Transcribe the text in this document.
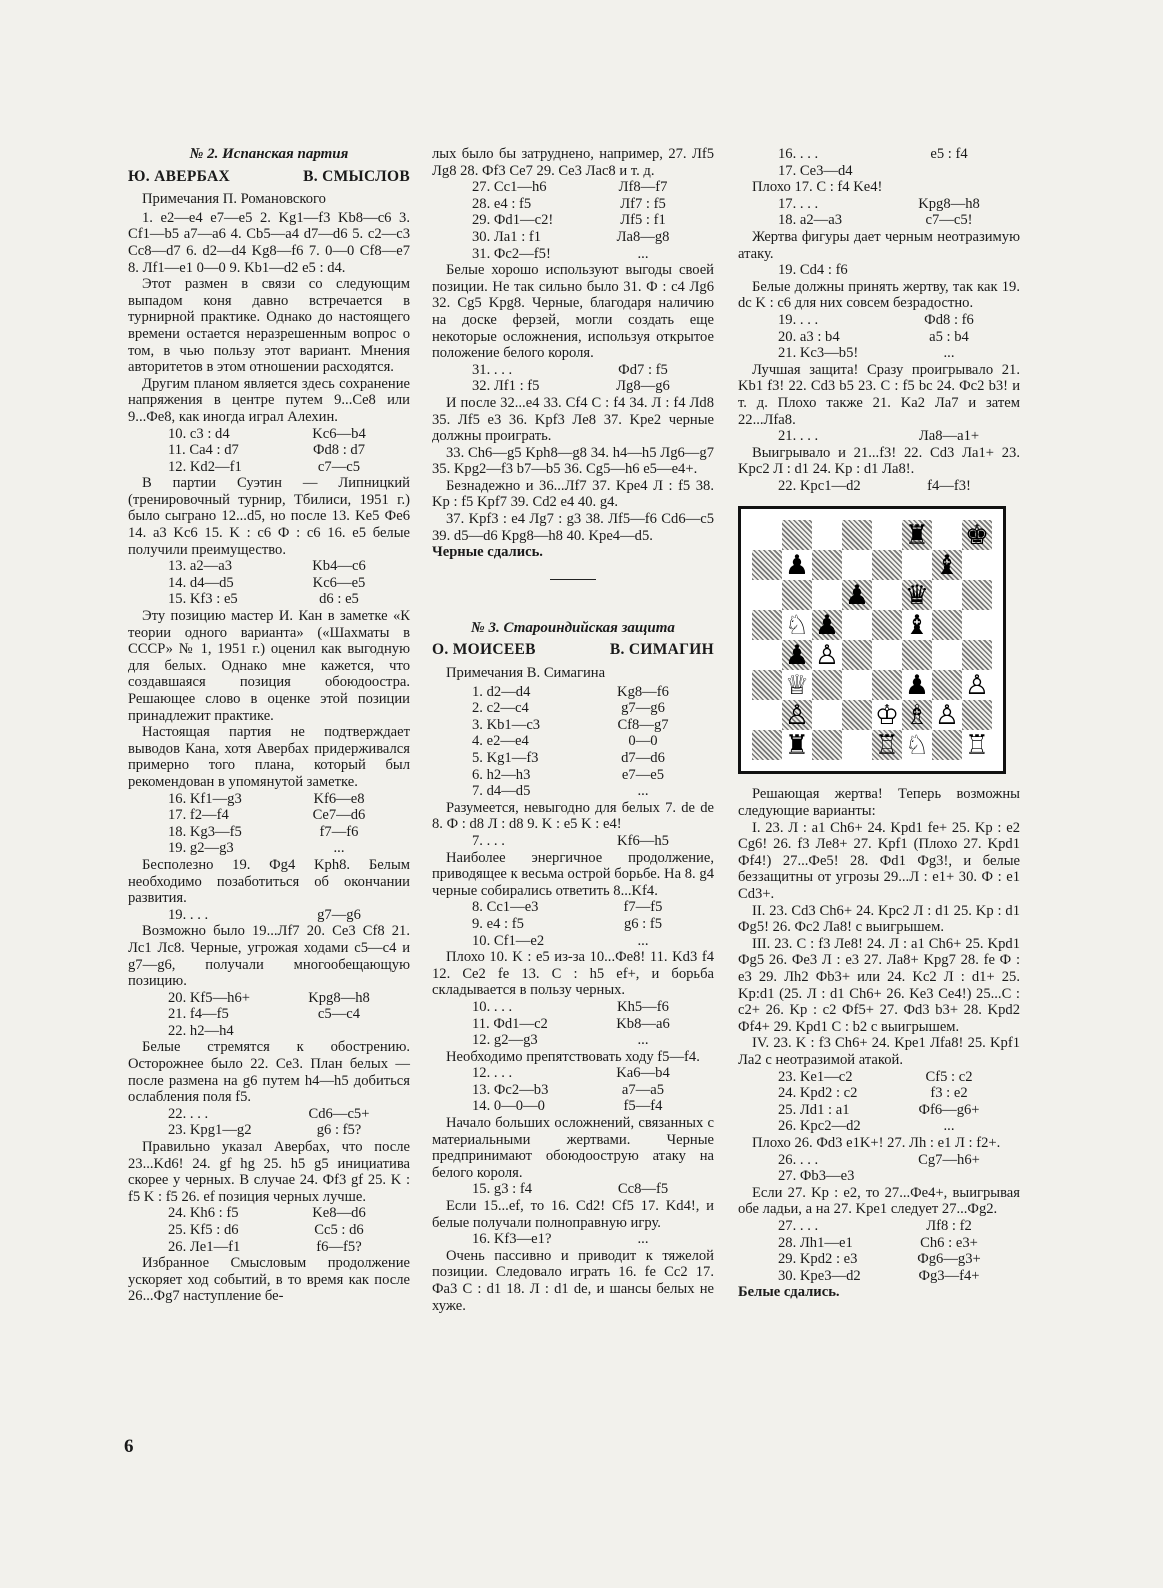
№ 2. Испанская партия

Ю. АВЕРБАХ	В. СМЫСЛОВ

Примечания П. Романовского

1. e2—e4 e7—e5 2. Kg1—f3 Kb8—c6 3. Cf1—b5 a7—a6 4. Cb5—a4 d7—d6 5. c2—c3 Cc8—d7 6. d2—d4 Kg8—f6 7. 0—0 Cf8—e7 8. Лf1—e1 0—0 9. Kb1—d2 e5 : d4.

Этот размен в связи со следующим выпадом коня давно встречается в турнирной практике. Однако до настоящего времени остается неразрешенным вопрос о том, в чью пользу этот вариант. Мнения авторитетов в этом отношении расходятся.

Другим планом является здесь сохранение напряжения в центре путем 9...Ce8 или 9...Фe8, как иногда играл Алехин.

10. c3 : d4	Kc6—b4
11. Ca4 : d7	Фd8 : d7
12. Kd2—f1	c7—c5

В партии Суэтин — Липницкий (тренировочный турнир, Тбилиси, 1951 г.) было сыграно 12...d5, но после 13. Ke5 Фe6 14. a3 Kc6 15. K : c6 Ф : c6 16. e5 белые получили преимущество.

13. a2—a3	Kb4—c6
14. d4—d5	Kc6—e5
15. Kf3 : e5	d6 : e5

Эту позицию мастер И. Кан в заметке «К теории одного варианта» («Шахматы в СССР» № 1, 1951 г.) оценил как выгодную для белых. Однако мне кажется, что создавшаяся позиция обоюдоостра. Решающее слово в оценке этой позиции принадлежит практике.

Настоящая партия не подтверждает выводов Кана, хотя Авербах придерживался примерно того плана, который был рекомендован в упомянутой заметке.

16. Kf1—g3	Kf6—e8
17. f2—f4	Ce7—d6
18. Kg3—f5	f7—f6
19. g2—g3	...

Бесполезно 19. Фg4 Kph8. Белым необходимо позаботиться об окончании развития.

19. . . .	g7—g6

Возможно было 19...Лf7 20. Ce3 Cf8 21. Лc1 Лc8. Черные, угрожая ходами c5—c4 и g7—g6, получали многообещающую позицию.

20. Kf5—h6+	Kpg8—h8
21. f4—f5	c5—c4
22. h2—h4

Белые стремятся к обострению. Осторожнее было 22. Ce3. План белых — после размена на g6 путем h4—h5 добиться ослабления поля f5.

22. . . .	Cd6—c5+
23. Kpg1—g2	g6 : f5?

Правильно указал Авербах, что после 23...Kd6! 24. gf hg 25. h5 g5 инициатива скорее у черных. В случае 24. Фf3 gf 25. K : f5 K : f5 26. ef позиция черных лучше.

24. Kh6 : f5	Ke8—d6
25. Kf5 : d6	Cc5 : d6
26. Лe1—f1	f6—f5?

Избранное Смысловым продолжение ускоряет ход событий, в то время как после 26...Фg7 наступление бе-

лых было бы затруднено, например, 27. Лf5 Лg8 28. Фf3 Ce7 29. Ce3 Лac8 и т. д.

27. Cc1—h6	Лf8—f7
28. e4 : f5	Лf7 : f5
29. Фd1—c2!	Лf5 : f1
30. Лa1 : f1	Лa8—g8
31. Фc2—f5!	...

Белые хорошо используют выгоды своей позиции. Не так сильно было 31. Ф : c4 Лg6 32. Cg5 Kpg8. Черные, благодаря наличию на доске ферзей, могли создать еще некоторые осложнения, используя открытое положение белого короля.

31. . . .	Фd7 : f5
32. Лf1 : f5	Лg8—g6

И после 32...e4 33. Cf4 C : f4 34. Л : f4 Лd8 35. Лf5 e3 36. Kpf3 Лe8 37. Kpe2 черные должны проиграть.

33. Ch6—g5 Kph8—g8 34. h4—h5 Лg6—g7 35. Kpg2—f3 b7—b5 36. Cg5—h6 e5—e4+.

Безнадежно и 36...Лf7 37. Kpe4 Л : f5 38. Kp : f5 Kpf7 39. Cd2 e4 40. g4.

37. Kpf3 : e4 Лg7 : g3 38. Лf5—f6 Cd6—c5 39. d5—d6 Kpg8—h8 40. Kpe4—d5.

Черные сдались.

№ 3. Староиндийская защита

О. МОИСЕЕВ	В. СИМАГИН

Примечания В. Симагина

1. d2—d4	Kg8—f6
2. c2—c4	g7—g6
3. Kb1—c3	Cf8—g7
4. e2—e4	0—0
5. Kg1—f3	d7—d6
6. h2—h3	e7—e5
7. d4—d5	...

Разумеется, невыгодно для белых 7. de de 8. Ф : d8 Л : d8 9. K : e5 K : e4!

7. . . .	Kf6—h5

Наиболее энергичное продолжение, приводящее к весьма острой борьбе. На 8. g4 черные собирались ответить 8...Kf4.

8. Cc1—e3	f7—f5
9. e4 : f5	g6 : f5
10. Cf1—e2	...

Плохо 10. K : e5 из-за 10...Фe8! 11. Kd3 f4 12. Ce2 fe 13. C : h5 ef+, и борьба складывается в пользу черных.

10. . . .	Kh5—f6
11. Фd1—c2	Kb8—a6
12. g2—g3	...

Необходимо препятствовать ходу f5—f4.

12. . . .	Ka6—b4
13. Фc2—b3	a7—a5
14. 0—0—0	f5—f4

Начало больших осложнений, связанных с материальными жертвами. Черные предпринимают обоюдоострую атаку на белого короля.

15. g3 : f4	Cc8—f5

Если 15...ef, то 16. Cd2! Cf5 17. Kd4!, и белые получали полноправную игру.

16. Kf3—e1?	...

Очень пассивно и приводит к тяжелой позиции. Следовало играть 16. fe Cc2 17. Фa3 C : d1 18. Л : d1 de, и шансы белых не хуже.

16. . . .	e5 : f4
17. Ce3—d4

Плохо 17. C : f4 Ke4!

17. . . .	Kpg8—h8
18. a2—a3	c7—c5!

Жертва фигуры дает черным неотразимую атаку.

19. Cd4 : f6

Белые должны принять жертву, так как 19. dc K : c6 для них совсем безрадостно.

19. . . .	Фd8 : f6
20. a3 : b4	a5 : b4
21. Kc3—b5!	...

Лучшая защита! Сразу проигрывало 21. Kb1 f3! 22. Cd3 b5 23. C : f5 bc 24. Фc2 b3! и т. д. Плохо также 21. Ka2 Лa7 и затем 22...Лfa8.

21. . . .	Лa8—a1+

Выигрывало и 21...f3! 22. Cd3 Лa1+ 23. Kpc2 Л : d1 24. Kp : d1 Лa8!.

22. Kpc1—d2	f4—f3!
♜ ♚
♟	♝
♟ ♛
♘ ♟ ♝
♟ ♙
♕	♟ ♙
♙ ♔ ♗ ♙
♜ ♖ ♘ ♖

Решающая жертва! Теперь возможны следующие варианты:

I. 23. Л : a1 Ch6+ 24. Kpd1 fe+ 25. Kp : e2 Cg6! 26. f3 Лe8+ 27. Kpf1 (Плохо 27. Kpd1 Фf4!) 27...Фe5! 28. Фd1 Фg3!, и белые беззащитны от угрозы 29...Л : e1+ 30. Ф : e1 Cd3+.

II. 23. Cd3 Ch6+ 24. Kpc2 Л : d1 25. Kp : d1 Фg5! 26. Фc2 Лa8! с выигрышем.

III. 23. C : f3 Лe8! 24. Л : a1 Ch6+ 25. Kpd1 Фg5 26. Фe3 Л : e3 27. Лa8+ Kpg7 28. fe Ф : e3 29. Лh2 Фb3+ или 24. Kc2 Л : d1+ 25. Kp:d1 (25. Л : d1 Ch6+ 26. Ke3 Ce4!) 25...C : c2+ 26. Kp : c2 Фf5+ 27. Фd3 b3+ 28. Kpd2 Фf4+ 29. Kpd1 C : b2 с выигрышем.

IV. 23. K : f3 Ch6+ 24. Kpe1 Лfa8! 25. Kpf1 Лa2 с неотразимой атакой.

23. Ke1—c2	Cf5 : c2
24. Kpd2 : c2	f3 : e2
25. Лd1 : a1	Фf6—g6+
26. Kpc2—d2	...

Плохо 26. Фd3 e1K+! 27. Лh : e1 Л : f2+.

26. . . .	Cg7—h6+
27. Фb3—e3

Если 27. Kp : e2, то 27...Фe4+, выигрывая обе ладьи, а на 27. Kpe1 следует 27...Фg2.

27. . . .	Лf8 : f2
28. Лh1—e1	Ch6 : e3+
29. Kpd2 : e3	Фg6—g3+
30. Kpe3—d2	Фg3—f4+

Белые сдались.

6
